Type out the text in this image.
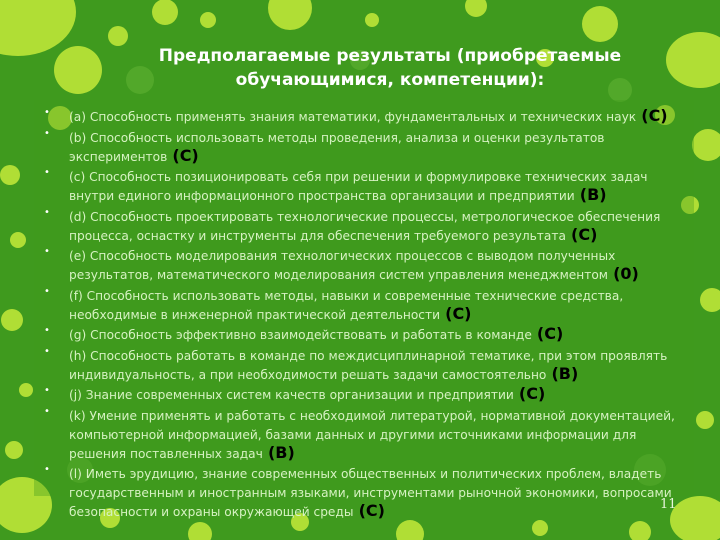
Предполагаемые результаты (приобретаемые
обучающимися, компетенции):
• (a) Способность применять знания математики, фундаментальных и технических наук (C)
• (b) Способность использовать методы проведения, анализа и оценки результатов экспериментов (C)
• (c) Способность позиционировать себя при решении и формулировке технических задач внутри единого информационного пространства организации и предприятии (B)
• (d) Способность проектировать технологические процессы, метрологическое обеспечения процесса, оснастку и инструменты для обеспечения требуемого результата (C)
• (e) Способность моделирования технологических процессов с выводом полученных результатов, математического моделирования систем управления менеджментом (0)
• (f) Способность использовать методы, навыки и современные технические средства, необходимые в инженерной практической деятельности (C)
• (g) Способность эффективно взаимодействовать и работать в команде (C)
• (h) Способность работать в команде по междисциплинарной тематике, при этом проявлять индивидуальность, а при необходимости решать задачи самостоятельно (B)
• (j) Знание современных систем качеств организации и предприятии (C)
• (k) Умение применять и работать с необходимой литературой, нормативной документацией, компьютерной информацией, базами данных и другими источниками информации для решения поставленных задач (B)
• (l) Иметь эрудицию, знание современных общественных и политических проблем, владеть государственным и иностранным языками, инструментами рыночной экономики, вопросами безопасности и охраны окружающей среды (C)	11
